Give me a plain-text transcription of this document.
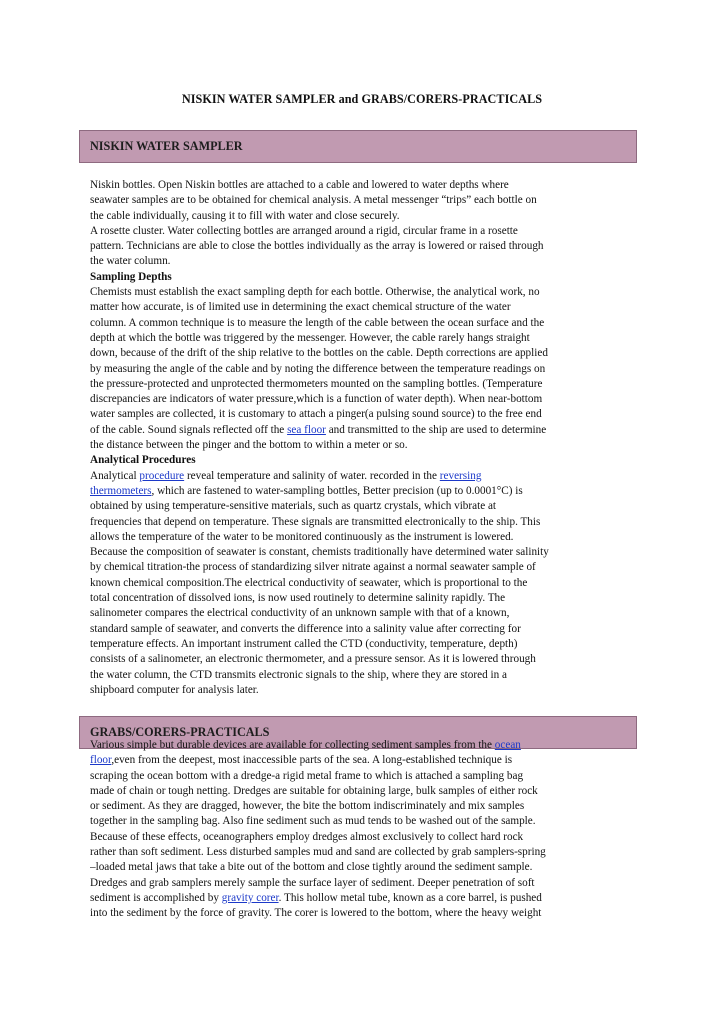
NISKIN WATER SAMPLER and GRABS/CORERS-PRACTICALS
NISKIN WATER SAMPLER
Niskin bottles. Open Niskin bottles are attached to a cable and lowered to water depths where
seawater samples are to be obtained for chemical analysis. A metal messenger “trips” each bottle on
the cable individually, causing it to fill with water and close securely.
A rosette cluster. Water collecting bottles are arranged around a rigid, circular frame in a rosette
pattern. Technicians are able to close the bottles individually as the array is lowered or raised through
the water column.
Sampling Depths
Chemists must establish the exact sampling depth for each bottle. Otherwise, the analytical work, no
matter how accurate, is of limited use in determining the exact chemical structure of the water
column. A common technique is to measure the length of the cable between the ocean surface and the
depth at which the bottle was triggered by the messenger. However, the cable rarely hangs straight
down, because of the drift of the ship relative to the bottles on the cable. Depth corrections are applied
by measuring the angle of the cable and by noting the difference between the temperature readings on
the pressure-protected and unprotected thermometers mounted on the sampling bottles. (Temperature
discrepancies are indicators of water pressure,which is a function of water depth). When near-bottom
water samples are collected, it is customary to attach a pinger(a pulsing sound source) to the free end
of the cable. Sound signals reflected off the sea floor and transmitted to the ship are used to determine
the distance between the pinger and the bottom to within a meter or so.
Analytical Procedures
Analytical procedure reveal temperature and salinity of water. recorded in the reversing
thermometers, which are fastened to water-sampling bottles, Better precision (up to 0.0001°C) is
obtained by using temperature-sensitive materials, such as quartz crystals, which vibrate at
frequencies that depend on temperature. These signals are transmitted electronically to the ship. This
allows the temperature of the water to be monitored continuously as the instrument is lowered.
Because the composition of seawater is constant, chemists traditionally have determined water salinity
by chemical titration-the process of standardizing silver nitrate against a normal seawater sample of
known chemical composition.The electrical conductivity of seawater, which is proportional to the
total concentration of dissolved ions, is now used routinely to determine salinity rapidly. The
salinometer compares the electrical conductivity of an unknown sample with that of a known,
standard sample of seawater, and converts the difference into a salinity value after correcting for
temperature effects. An important instrument called the CTD (conductivity, temperature, depth)
consists of a salinometer, an electronic thermometer, and a pressure sensor. As it is lowered through
the water column, the CTD transmits electronic signals to the ship, where they are stored in a
shipboard computer for analysis later.
GRABS/CORERS-PRACTICALS
Various simple but durable devices are available for collecting sediment samples from the ocean
floor,even from the deepest, most inaccessible parts of the sea. A long-established technique is
scraping the ocean bottom with a dredge-a rigid metal frame to which is attached a sampling bag
made of chain or tough netting. Dredges are suitable for obtaining large, bulk samples of either rock
or sediment. As they are dragged, however, the bite the bottom indiscriminately and mix samples
together in the sampling bag. Also fine sediment such as mud tends to be washed out of the sample.
Because of these effects, oceanographers employ dredges almost exclusively to collect hard rock
rather than soft sediment. Less disturbed samples mud and sand are collected by grab samplers-spring
–loaded metal jaws that take a bite out of the bottom and close tightly around the sediment sample.
Dredges and grab samplers merely sample the surface layer of sediment. Deeper penetration of soft
sediment is accomplished by gravity corer. This hollow metal tube, known as a core barrel, is pushed
into the sediment by the force of gravity. The corer is lowered to the bottom, where the heavy weight
